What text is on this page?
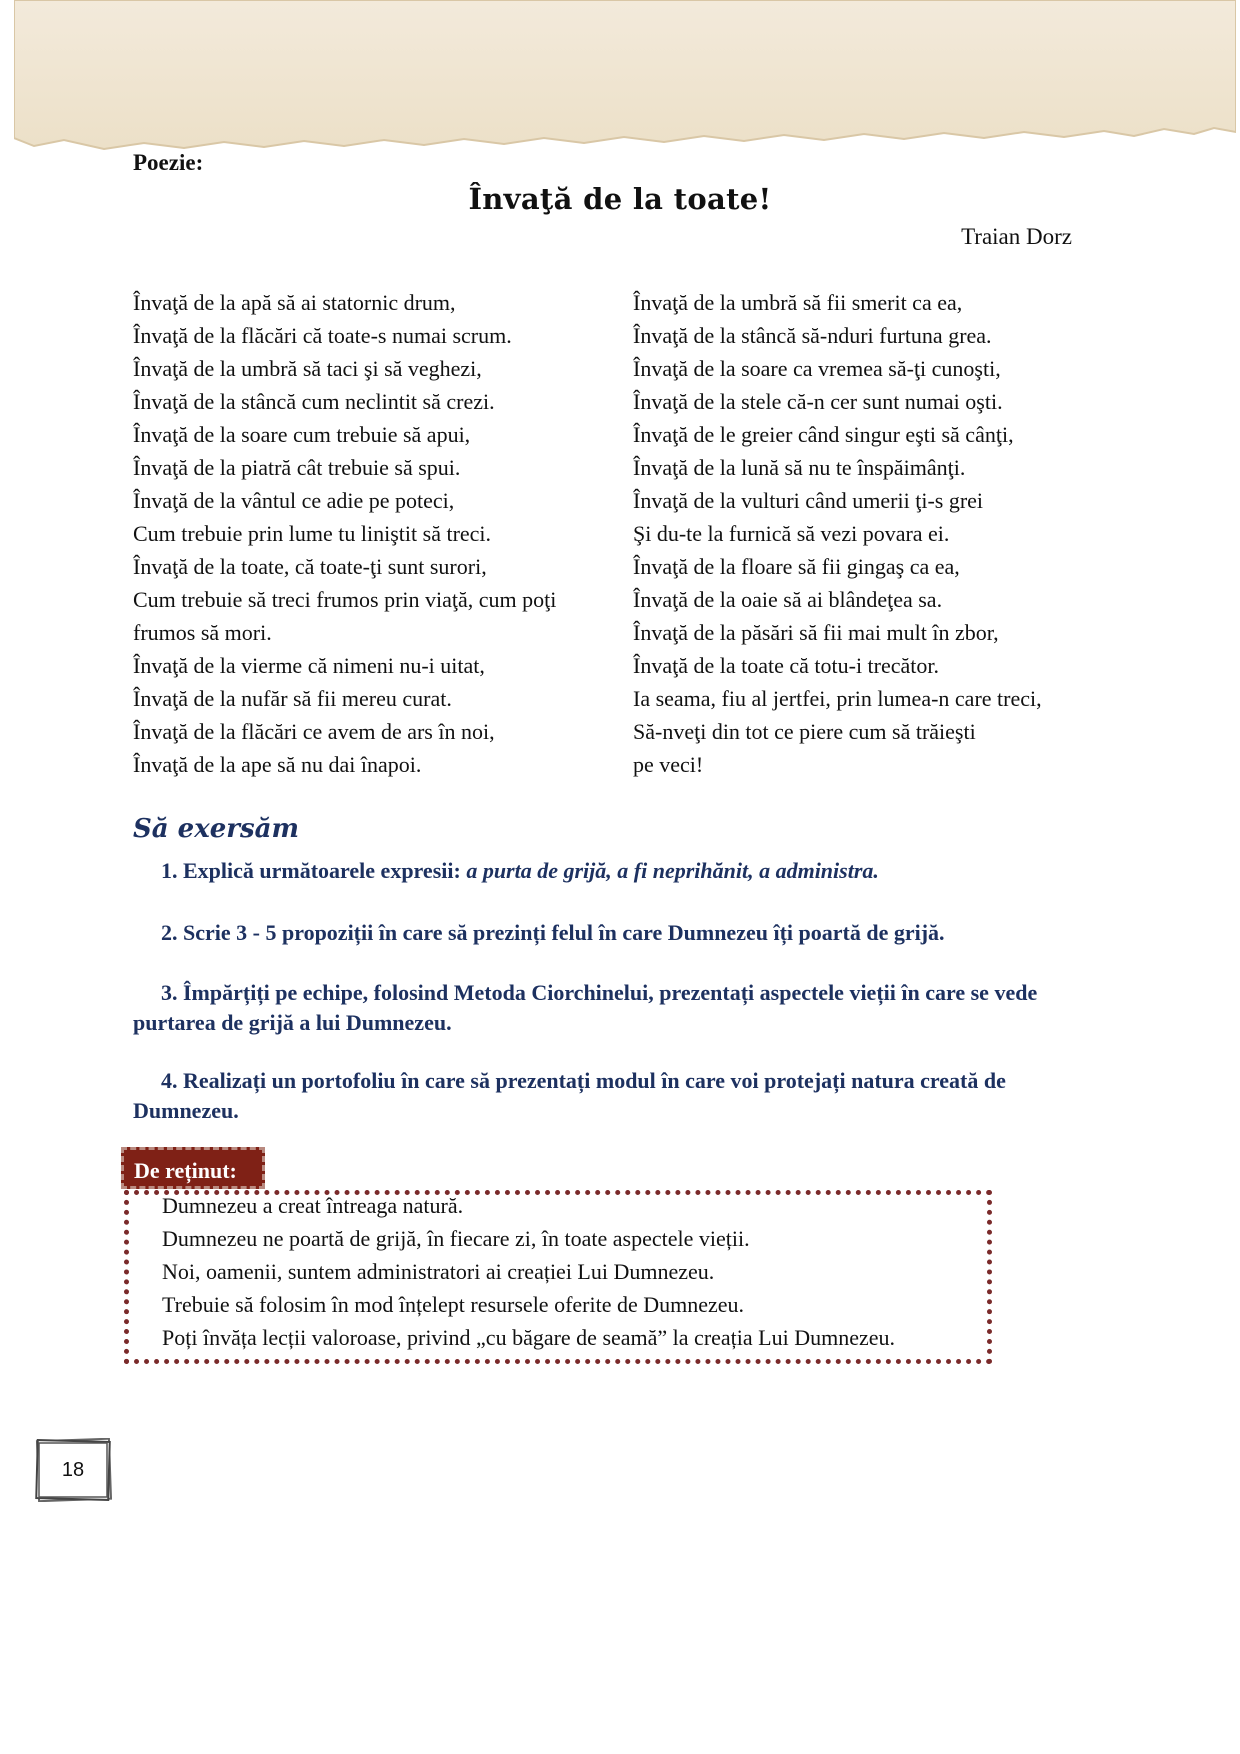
Poezie:
Învaţă de la toate!
Traian Dorz
Învaţă de la apă să ai statornic drum,
Învaţă de la flăcări că toate-s numai scrum.
Învaţă de la umbră să taci şi să veghezi,
Învaţă de la stâncă cum neclintit să crezi.
Învaţă de la soare cum trebuie să apui,
Învaţă de la piatră cât trebuie să spui.
Învaţă de la vântul ce adie pe poteci,
Cum trebuie prin lume tu liniştit să treci.
Învaţă de la toate, că toate-ţi sunt surori,
Cum trebuie să treci frumos prin viaţă, cum poţi frumos să mori.
Învaţă de la vierme că nimeni nu-i uitat,
Învaţă de la nufăr să fii mereu curat.
Învaţă de la flăcări ce avem de ars în noi,
Învaţă de la ape să nu dai înapoi.
Învaţă de la umbră să fii smerit ca ea,
Învaţă de la stâncă să-nduri furtuna grea.
Învaţă de la soare ca vremea să-ţi cunoşti,
Învaţă de la stele că-n cer sunt numai oşti.
Învaţă de le greier când singur eşti să cânţi,
Învaţă de la lună să nu te înspăimânţi.
Învaţă de la vulturi când umerii ţi-s grei
Şi du-te la furnică să vezi povara ei.
Învaţă de la floare să fii gingaş ca ea,
Învaţă de la oaie să ai blândeţea sa.
Învaţă de la păsări să fii mai mult în zbor,
Învaţă de la toate că totu-i trecător.
Ia seama, fiu al jertfei, prin lumea-n care treci,
Să-nveţi din tot ce piere cum să trăieşti
pe veci!
Să exersăm
1. Explică următoarele expresii: a purta de grijă, a fi neprihănit, a administra.
2. Scrie 3 - 5 propoziții în care să prezinți felul în care Dumnezeu îți poartă de grijă.
3. Împărțiți pe echipe, folosind Metoda Ciorchinelui, prezentați aspectele vieții în care se vede purtarea de grijă a lui Dumnezeu.
4. Realizați un portofoliu în care să prezentați modul în care voi protejați natura creată de Dumnezeu.
De reținut:
Dumnezeu a creat întreaga natură.
Dumnezeu ne poartă de grijă, în fiecare zi, în toate aspectele vieții.
Noi, oamenii, suntem administratori ai creației Lui Dumnezeu.
Trebuie să folosim în mod înțelept resursele oferite de Dumnezeu.
Poți învăța lecții valoroase, privind „cu băgare de seamă” la creația Lui Dumnezeu.
18
